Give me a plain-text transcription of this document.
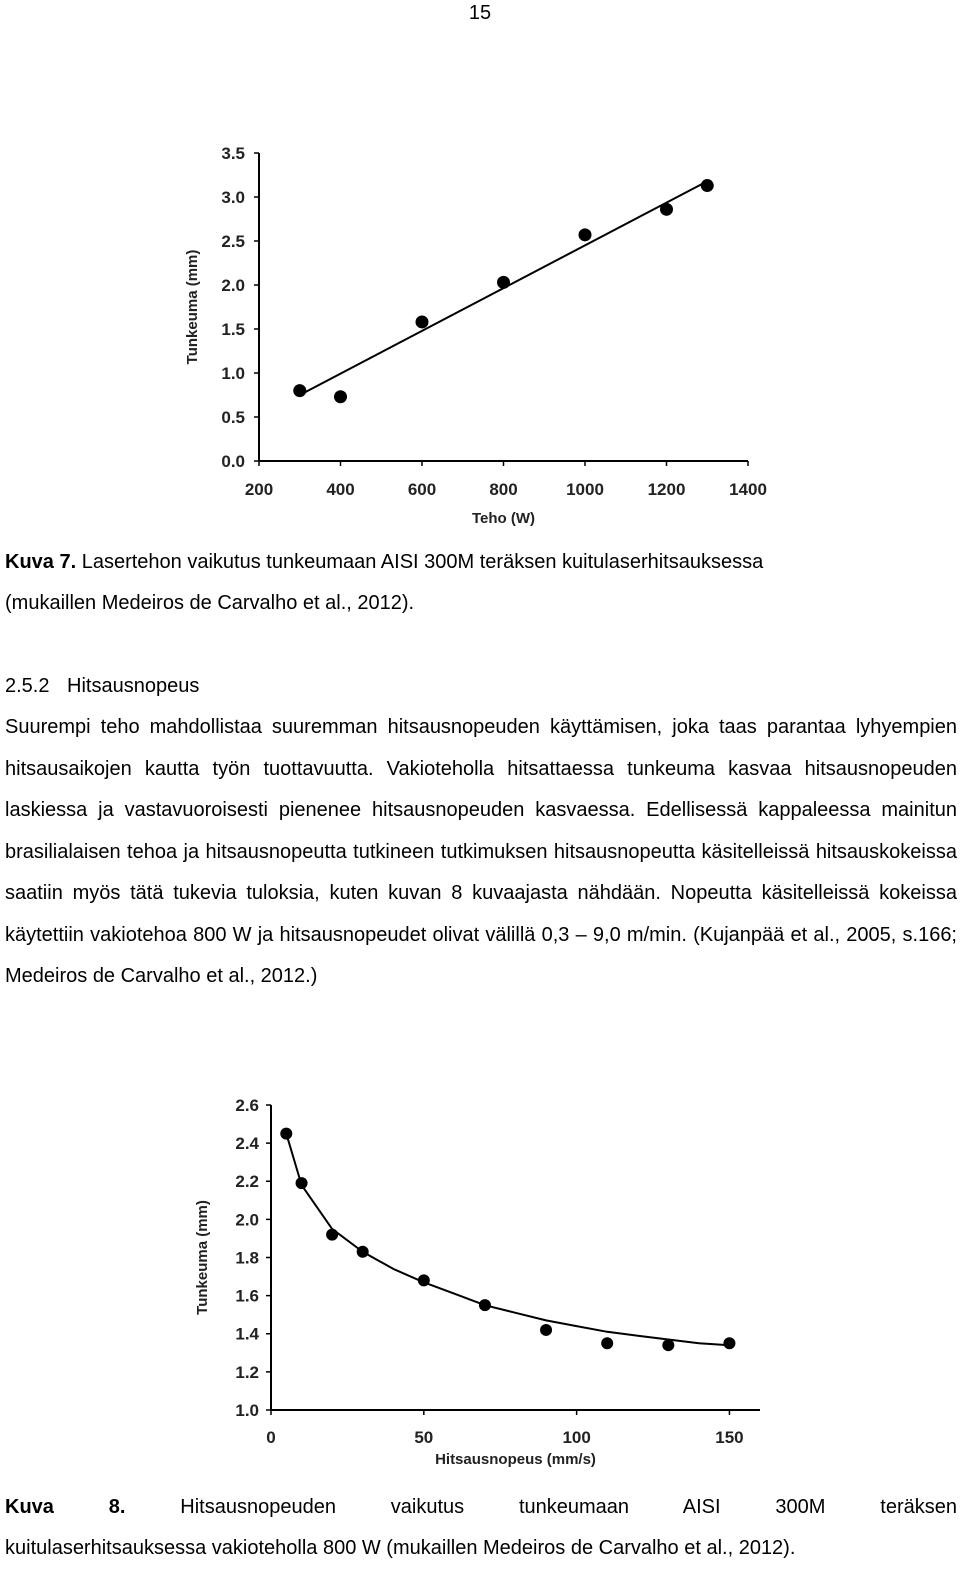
15
200	400	600	800	1000	1200	1400
0.0
0.5
1.0
1.5
2.0
2.5
3.0
3.5
Teho (W)
Tunkeuma (mm)
Kuva 7. Lasertehon vaikutus tunkeumaan AISI 300M teräksen kuitulaserhitsauksessa
(mukaillen Medeiros de Carvalho et al., 2012).
2.5.2 Hitsausnopeus
Suurempi teho mahdollistaa suuremman hitsausnopeuden käyttämisen, joka taas parantaa lyhyempien hitsausaikojen kautta työn tuottavuutta. Vakioteholla hitsattaessa tunkeuma kasvaa hitsausnopeuden laskiessa ja vastavuoroisesti pienenee hitsausnopeuden kasvaessa. Edellisessä kappaleessa mainitun brasilialaisen tehoa ja hitsausnopeutta tutkineen tutkimuksen hitsausnopeutta käsitelleissä hitsauskokeissa saatiin myös tätä tukevia tuloksia, kuten kuvan 8 kuvaajasta nähdään. Nopeutta käsitelleissä kokeissa käytettiin vakiotehoa 800 W ja hitsausnopeudet olivat välillä 0,3 – 9,0 m/min. (Kujanpää et al., 2005, s.166; Medeiros de Carvalho et al., 2012.)
0	50	100	150
1.0
1.2
1.4
1.6
1.8
2.0
2.2
2.4
2.6
Hitsausnopeus (mm/s)
Tunkeuma (mm)
Kuva 8.	Hitsausnopeuden vaikutus tunkeumaan AISI 300M teräksen
kuitulaserhitsauksessa vakioteholla 800 W (mukaillen Medeiros de Carvalho et al., 2012).
